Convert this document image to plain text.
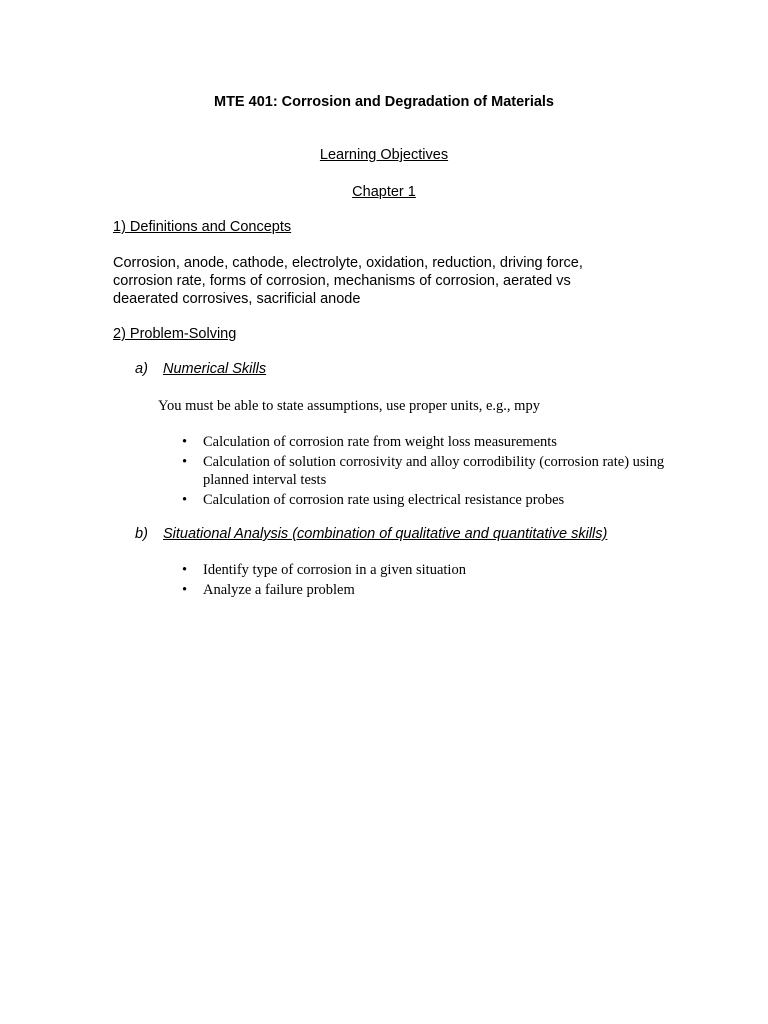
MTE 401: Corrosion and Degradation of Materials

Learning Objectives

Chapter 1

1) Definitions and Concepts

Corrosion, anode, cathode, electrolyte, oxidation, reduction, driving force,
corrosion rate, forms of corrosion, mechanisms of corrosion, aerated vs
deaerated corrosives, sacrificial anode

2) Problem-Solving

a) Numerical Skills

You must be able to state assumptions, use proper units, e.g., mpy

• Calculation of corrosion rate from weight loss measurements
• Calculation of solution corrosivity and alloy corrodibility (corrosion rate) using planned interval tests
• Calculation of corrosion rate using electrical resistance probes

b) Situational Analysis (combination of qualitative and quantitative skills)

• Identify type of corrosion in a given situation
• Analyze a failure problem
